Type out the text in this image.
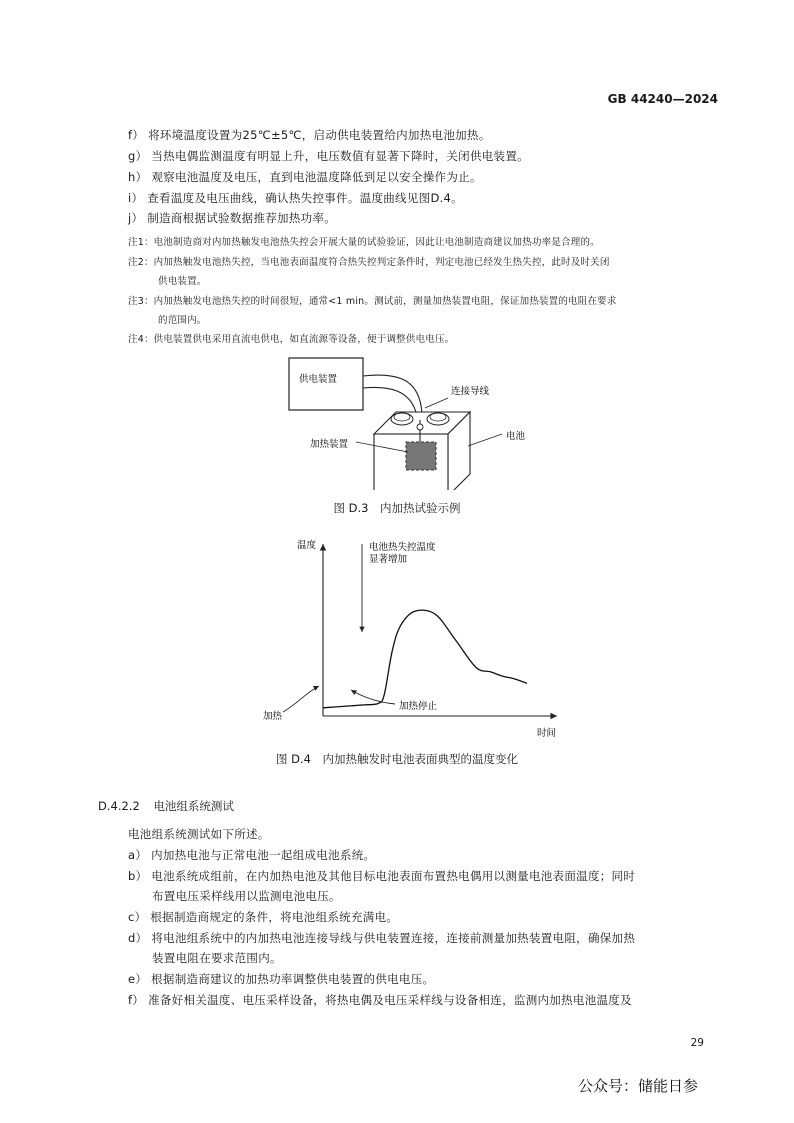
GB 44240—2024
f） 将环境温度设置为25℃±5℃，启动供电装置给内加热电池加热。
g） 当热电偶监测温度有明显上升，电压数值有显著下降时，关闭供电装置。
h） 观察电池温度及电压，直到电池温度降低到足以安全操作为止。
i） 查看温度及电压曲线，确认热失控事件。温度曲线见图D.4。
j） 制造商根据试验数据推荐加热功率。
注1：电池制造商对内加热触发电池热失控会开展大量的试验验证，因此让电池制造商建议加热功率是合理的。
注2：内加热触发电池热失控，当电池表面温度符合热失控判定条件时，判定电池已经发生热失控，此时及时关闭
供电装置。
注3：内加热触发电池热失控的时间很短，通常<1 min。测试前，测量加热装置电阻，保证加热装置的电阻在要求
的范围内。
注4：供电装置供电采用直流电供电，如直流源等设备，便于调整供电电压。
供电装置
连接导线
加热装置
电池
图 D.3　内加热试验示例
温度
时间
电池热失控温度
显著增加
加热
加热停止
图 D.4　内加热触发时电池表面典型的温度变化
D.4.2.2 电池组系统测试
电池组系统测试如下所述。
a） 内加热电池与正常电池一起组成电池系统。
b） 电池系统成组前，在内加热电池及其他目标电池表面布置热电偶用以测量电池表面温度；同时
布置电压采样线用以监测电池电压。
c） 根据制造商规定的条件，将电池组系统充满电。
d） 将电池组系统中的内加热电池连接导线与供电装置连接，连接前测量加热装置电阻，确保加热
装置电阻在要求范围内。
e） 根据制造商建议的加热功率调整供电装置的供电电压。
f） 准备好相关温度、电压采样设备，将热电偶及电压采样线与设备相连，监测内加热电池温度及
29
公众号：储能日参
